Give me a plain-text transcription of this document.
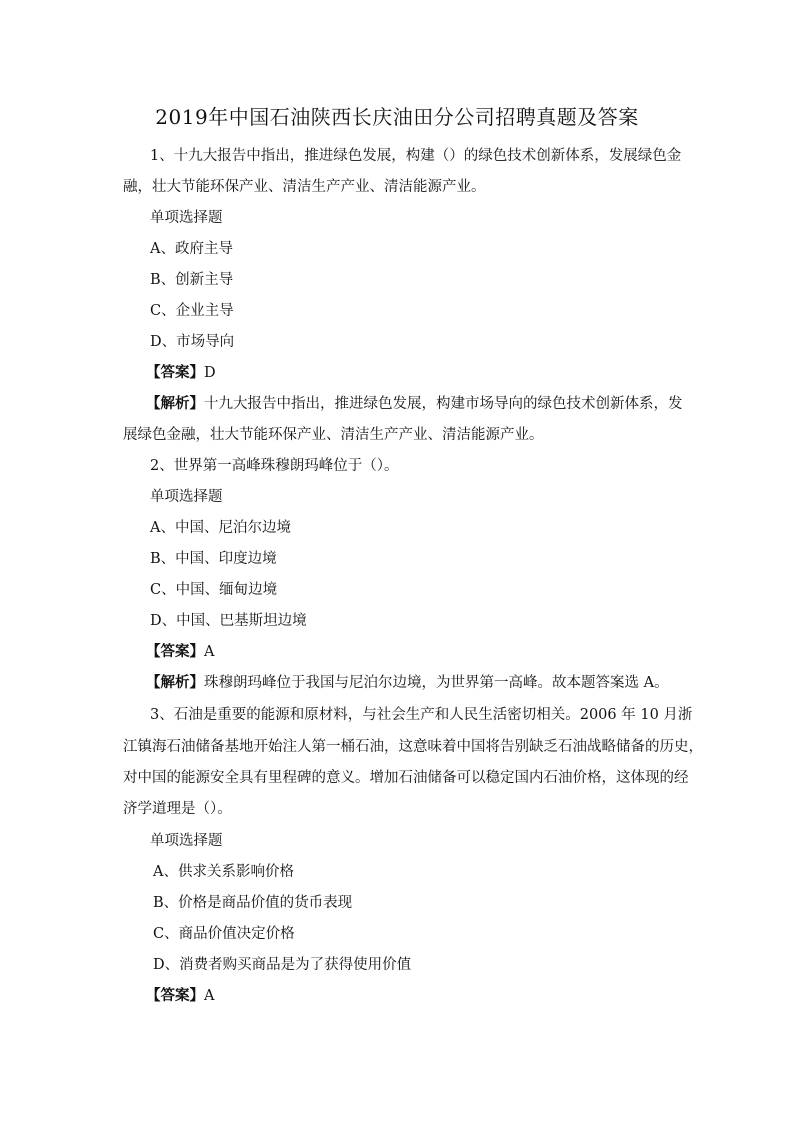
2019年中国石油陕西长庆油田分公司招聘真题及答案
1、十九大报告中指出，推进绿色发展，构建（）的绿色技术创新体系，发展绿色金
融，壮大节能环保产业、清洁生产产业、清洁能源产业。
单项选择题
A、政府主导
B、创新主导
C、企业主导
D、市场导向
【答案】D
【解析】十九大报告中指出，推进绿色发展，构建市场导向的绿色技术创新体系，发
展绿色金融，壮大节能环保产业、清洁生产产业、清洁能源产业。
2、世界第一高峰珠穆朗玛峰位于（）。
单项选择题
A、中国、尼泊尔边境
B、中国、印度边境
C、中国、缅甸边境
D、中国、巴基斯坦边境
【答案】A
【解析】珠穆朗玛峰位于我国与尼泊尔边境，为世界第一高峰。故本题答案选 A。
3、石油是重要的能源和原材料，与社会生产和人民生活密切相关。2006 年 10 月浙
江镇海石油储备基地开始注人第一桶石油，这意味着中国将告别缺乏石油战略储备的历史，
对中国的能源安全具有里程碑的意义。增加石油储备可以稳定国内石油价格，这体现的经
济学道理是（）。
单项选择题
A、供求关系影响价格
B、价格是商品价值的货币表现
C、商品价值决定价格
D、消费者购买商品是为了获得使用价值
【答案】A
